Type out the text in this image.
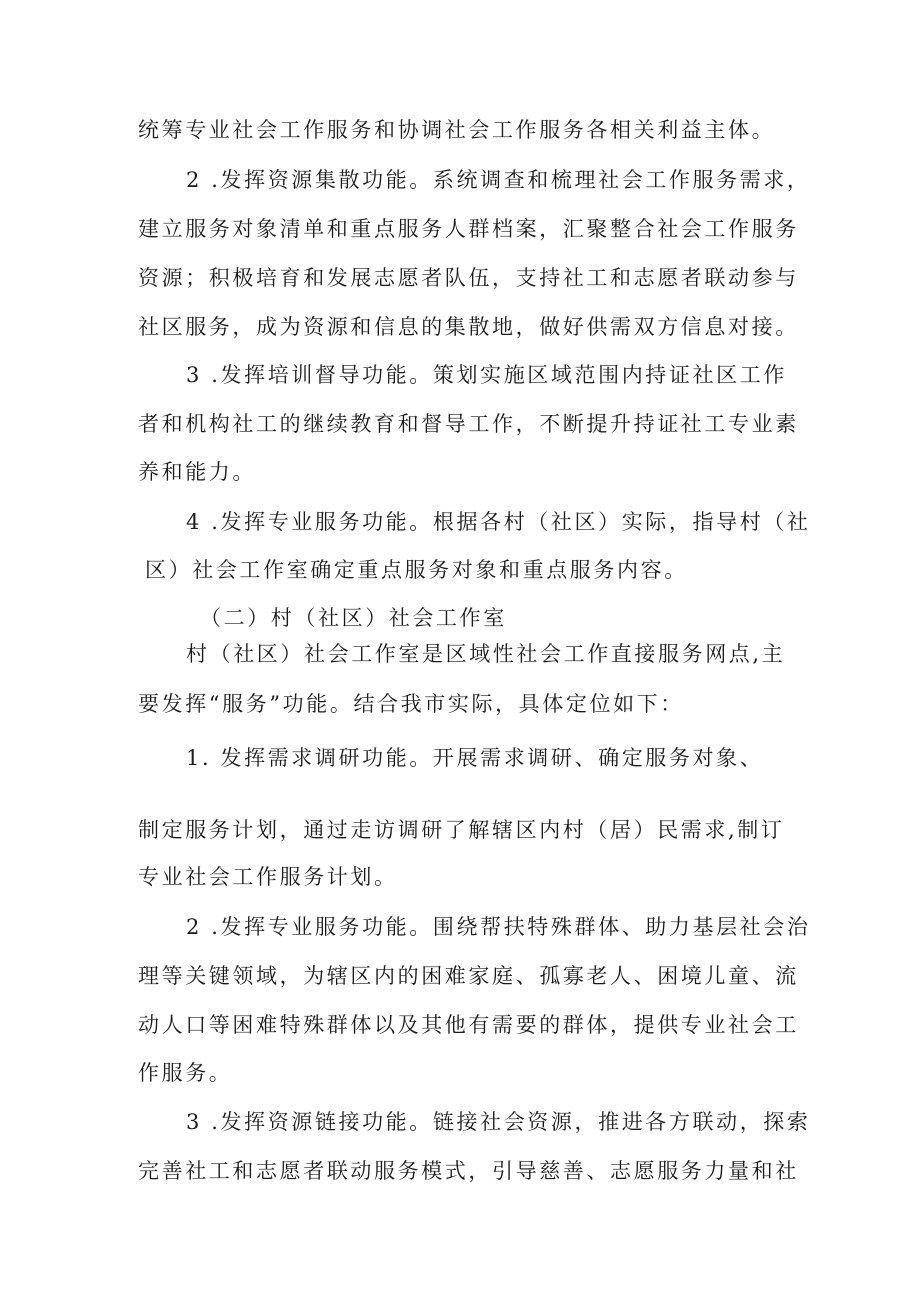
统筹专业社会工作服务和协调社会工作服务各相关利益主体。

2 .发挥资源集散功能。系统调查和梳理社会工作服务需求，

建立服务对象清单和重点服务人群档案，汇聚整合社会工作服务

资源；积极培育和发展志愿者队伍，支持社工和志愿者联动参与

社区服务，成为资源和信息的集散地，做好供需双方信息对接。

3 .发挥培训督导功能。策划实施区域范围内持证社区工作

者和机构社工的继续教育和督导工作，不断提升持证社工专业素

养和能力。

4 .发挥专业服务功能。根据各村（社区）实际，指导村（社

区）社会工作室确定重点服务对象和重点服务内容。

（二）村（社区）社会工作室

村（社区）社会工作室是区域性社会工作直接服务网点,主

要发挥“服务”功能。结合我市实际，具体定位如下：

1. 发挥需求调研功能。开展需求调研、确定服务对象、

制定服务计划，通过走访调研了解辖区内村（居）民需求,制订

专业社会工作服务计划。

2 .发挥专业服务功能。围绕帮扶特殊群体、助力基层社会治

理等关键领域，为辖区内的困难家庭、孤寡老人、困境儿童、流

动人口等困难特殊群体以及其他有需要的群体，提供专业社会工

作服务。

3 .发挥资源链接功能。链接社会资源，推进各方联动，探索

完善社工和志愿者联动服务模式，引导慈善、志愿服务力量和社
